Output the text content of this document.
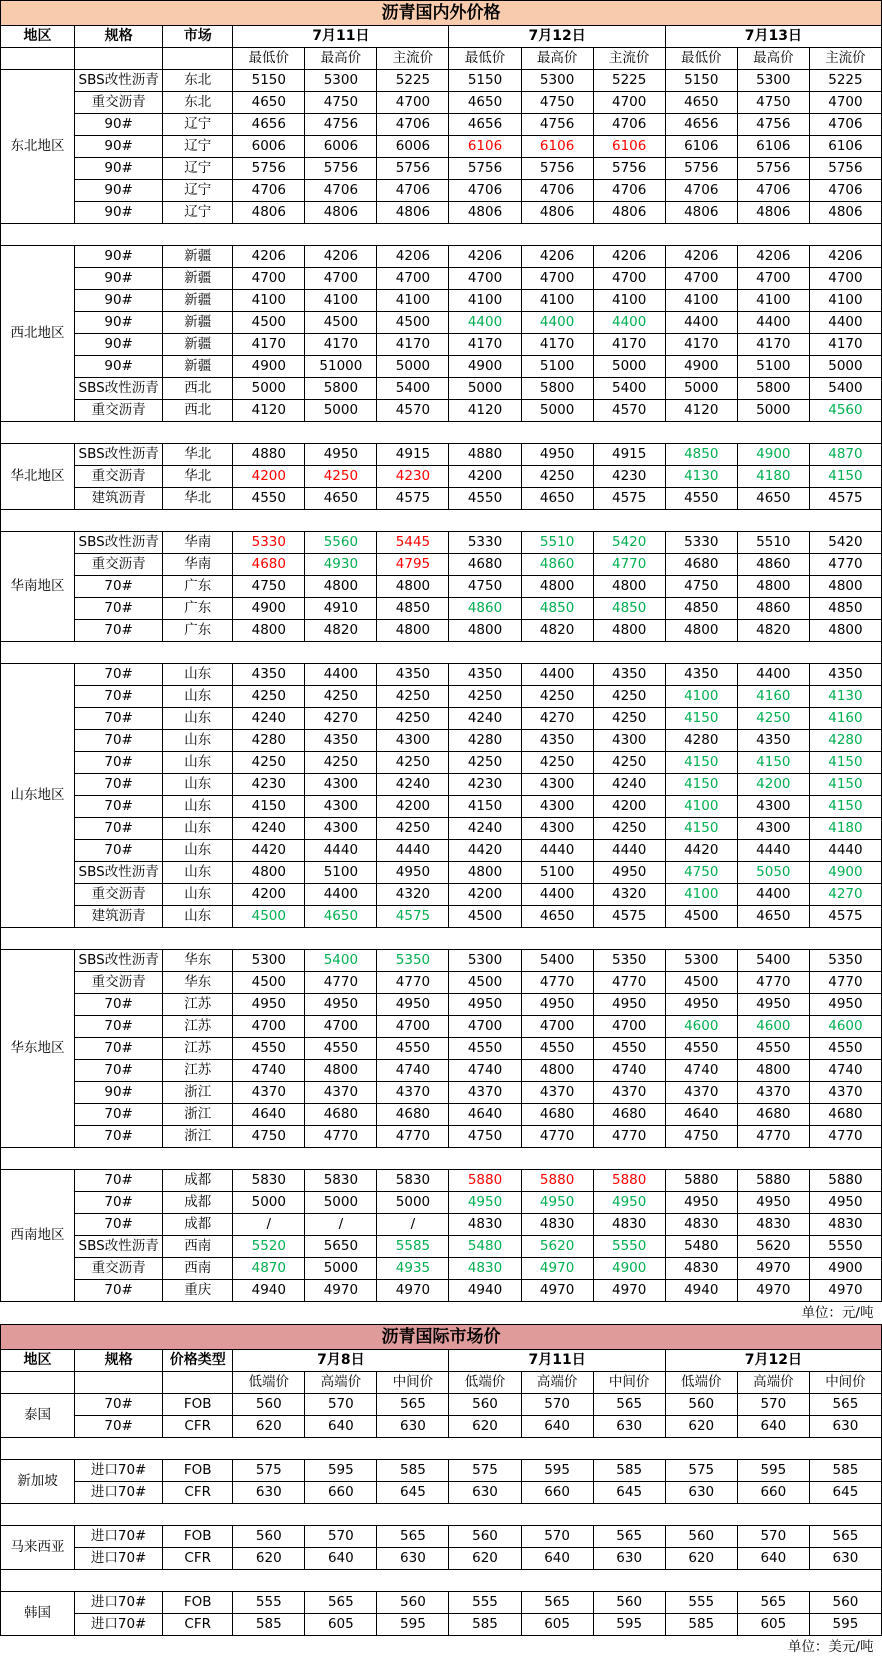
沥青国内外价格											
地区	规格	市场	7月11日			7月12日			7月13日		
			最低价	最高价	主流价	最低价	最高价	主流价	最低价	最高价	主流价
东北地区	SBS改性沥青	东北	5150	5300	5225	5150	5300	5225	5150	5300	5225
	重交沥青	东北	4650	4750	4700	4650	4750	4700	4650	4750	4700
	90#	辽宁	4656	4756	4706	4656	4756	4706	4656	4756	4706
	90#	辽宁	6006	6006	6006	6106	6106	6106	6106	6106	6106
	90#	辽宁	5756	5756	5756	5756	5756	5756	5756	5756	5756
	90#	辽宁	4706	4706	4706	4706	4706	4706	4706	4706	4706
	90#	辽宁	4806	4806	4806	4806	4806	4806	4806	4806	4806

西北地区	90#	新疆	4206	4206	4206	4206	4206	4206	4206	4206	4206
	90#	新疆	4700	4700	4700	4700	4700	4700	4700	4700	4700
	90#	新疆	4100	4100	4100	4100	4100	4100	4100	4100	4100
	90#	新疆	4500	4500	4500	4400	4400	4400	4400	4400	4400
	90#	新疆	4170	4170	4170	4170	4170	4170	4170	4170	4170
	90#	新疆	4900	51000	5000	4900	5100	5000	4900	5100	5000
	SBS改性沥青	西北	5000	5800	5400	5000	5800	5400	5000	5800	5400
	重交沥青	西北	4120	5000	4570	4120	5000	4570	4120	5000	4560

华北地区	SBS改性沥青	华北	4880	4950	4915	4880	4950	4915	4850	4900	4870
	重交沥青	华北	4200	4250	4230	4200	4250	4230	4130	4180	4150
	建筑沥青	华北	4550	4650	4575	4550	4650	4575	4550	4650	4575

华南地区	SBS改性沥青	华南	5330	5560	5445	5330	5510	5420	5330	5510	5420
	重交沥青	华南	4680	4930	4795	4680	4860	4770	4680	4860	4770
	70#	广东	4750	4800	4800	4750	4800	4800	4750	4800	4800
	70#	广东	4900	4910	4850	4860	4850	4850	4850	4860	4850
	70#	广东	4800	4820	4800	4800	4820	4800	4800	4820	4800

山东地区	70#	山东	4350	4400	4350	4350	4400	4350	4350	4400	4350
	70#	山东	4250	4250	4250	4250	4250	4250	4100	4160	4130
	70#	山东	4240	4270	4250	4240	4270	4250	4150	4250	4160
	70#	山东	4280	4350	4300	4280	4350	4300	4280	4350	4280
	70#	山东	4250	4250	4250	4250	4250	4250	4150	4150	4150
	70#	山东	4230	4300	4240	4230	4300	4240	4150	4200	4150
	70#	山东	4150	4300	4200	4150	4300	4200	4100	4300	4150
	70#	山东	4240	4300	4250	4240	4300	4250	4150	4300	4180
	70#	山东	4420	4440	4440	4420	4440	4440	4420	4440	4440
	SBS改性沥青	山东	4800	5100	4950	4800	5100	4950	4750	5050	4900
	重交沥青	山东	4200	4400	4320	4200	4400	4320	4100	4400	4270
	建筑沥青	山东	4500	4650	4575	4500	4650	4575	4500	4650	4575

华东地区	SBS改性沥青	华东	5300	5400	5350	5300	5400	5350	5300	5400	5350
	重交沥青	华东	4500	4770	4770	4500	4770	4770	4500	4770	4770
	70#	江苏	4950	4950	4950	4950	4950	4950	4950	4950	4950
	70#	江苏	4700	4700	4700	4700	4700	4700	4600	4600	4600
	70#	江苏	4550	4550	4550	4550	4550	4550	4550	4550	4550
	70#	江苏	4740	4800	4740	4740	4800	4740	4740	4800	4740
	90#	浙江	4370	4370	4370	4370	4370	4370	4370	4370	4370
	70#	浙江	4640	4680	4680	4640	4680	4680	4640	4680	4680
	70#	浙江	4750	4770	4770	4750	4770	4770	4750	4770	4770

西南地区	70#	成都	5830	5830	5830	5880	5880	5880	5880	5880	5880
	70#	成都	5000	5000	5000	4950	4950	4950	4950	4950	4950
	70#	成都	/	/	/	4830	4830	4830	4830	4830	4830
	SBS改性沥青	西南	5520	5650	5585	5480	5620	5550	5480	5620	5550
	重交沥青	西南	4870	5000	4935	4830	4970	4900	4830	4970	4900
	70#	重庆	4940	4970	4970	4940	4970	4970	4940	4970	4970
单位：元/吨											
沥青国际市场价											
地区	规格	价格类型	7月8日			7月11日			7月12日		
			低端价	高端价	中间价	低端价	高端价	中间价	低端价	高端价	中间价
泰国	70#	FOB	560	570	565	560	570	565	560	570	565
	70#	CFR	620	640	630	620	640	630	620	640	630

新加坡	进口70#	FOB	575	595	585	575	595	585	575	595	585
	进口70#	CFR	630	660	645	630	660	645	630	660	645

马来西亚	进口70#	FOB	560	570	565	560	570	565	560	570	565
	进口70#	CFR	620	640	630	620	640	630	620	640	630

韩国	进口70#	FOB	555	565	560	555	565	560	555	565	560
	进口70#	CFR	585	605	595	585	605	595	585	605	595
单位：美元/吨											
